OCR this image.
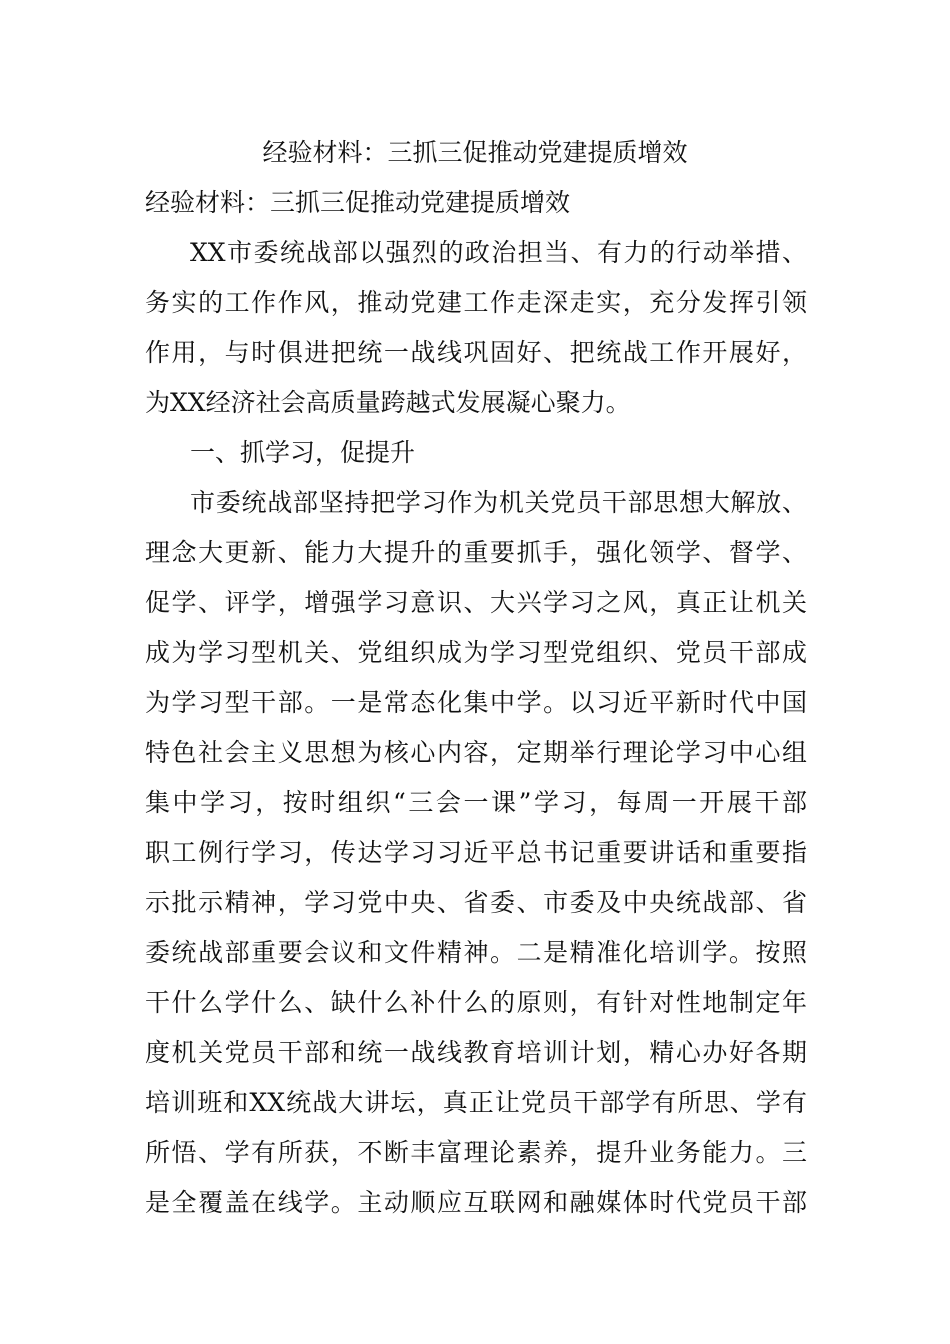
经验材料：三抓三促推动党建提质增效
经验材料：三抓三促推动党建提质增效
XX市委统战部以强烈的政治担当、有力的行动举措、
务实的工作作风，推动党建工作走深走实，充分发挥引领
作用，与时俱进把统一战线巩固好、把统战工作开展好，
为XX经济社会高质量跨越式发展凝心聚力。
一、抓学习，促提升
市委统战部坚持把学习作为机关党员干部思想大解放、
理念大更新、能力大提升的重要抓手，强化领学、督学、
促学、评学，增强学习意识、大兴学习之风，真正让机关
成为学习型机关、党组织成为学习型党组织、党员干部成
为学习型干部。一是常态化集中学。以习近平新时代中国
特色社会主义思想为核心内容，定期举行理论学习中心组
集中学习，按时组织“三会一课”学习，每周一开展干部
职工例行学习，传达学习习近平总书记重要讲话和重要指
示批示精神，学习党中央、省委、市委及中央统战部、省
委统战部重要会议和文件精神。二是精准化培训学。按照
干什么学什么、缺什么补什么的原则，有针对性地制定年
度机关党员干部和统一战线教育培训计划，精心办好各期
培训班和XX统战大讲坛，真正让党员干部学有所思、学有
所悟、学有所获，不断丰富理论素养，提升业务能力。三
是全覆盖在线学。主动顺应互联网和融媒体时代党员干部
